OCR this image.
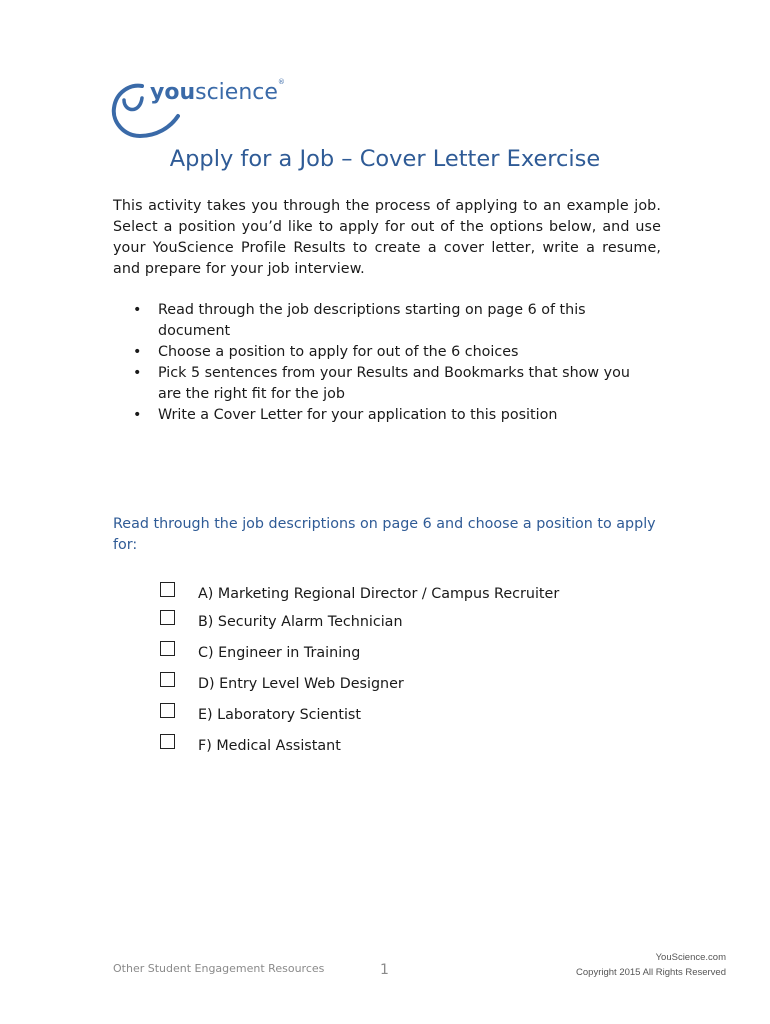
youscience®
Apply for a Job – Cover Letter Exercise
This activity takes you through the process of applying to an example job. Select a position you’d like to apply for out of the options below, and use your YouScience Profile Results to create a cover letter, write a resume, and prepare for your job interview.
• Read through the job descriptions starting on page 6 of this document
• Choose a position to apply for out of the 6 choices
• Pick 5 sentences from your Results and Bookmarks that show you are the right fit for the job
• Write a Cover Letter for your application to this position
Read through the job descriptions on page 6 and choose a position to apply for:
A) Marketing Regional Director / Campus Recruiter
B) Security Alarm Technician
C) Engineer in Training
D) Entry Level Web Designer
E) Laboratory Scientist
F) Medical Assistant
Other Student Engagement Resources	1
YouScience.com
Copyright 2015 All Rights Reserved
